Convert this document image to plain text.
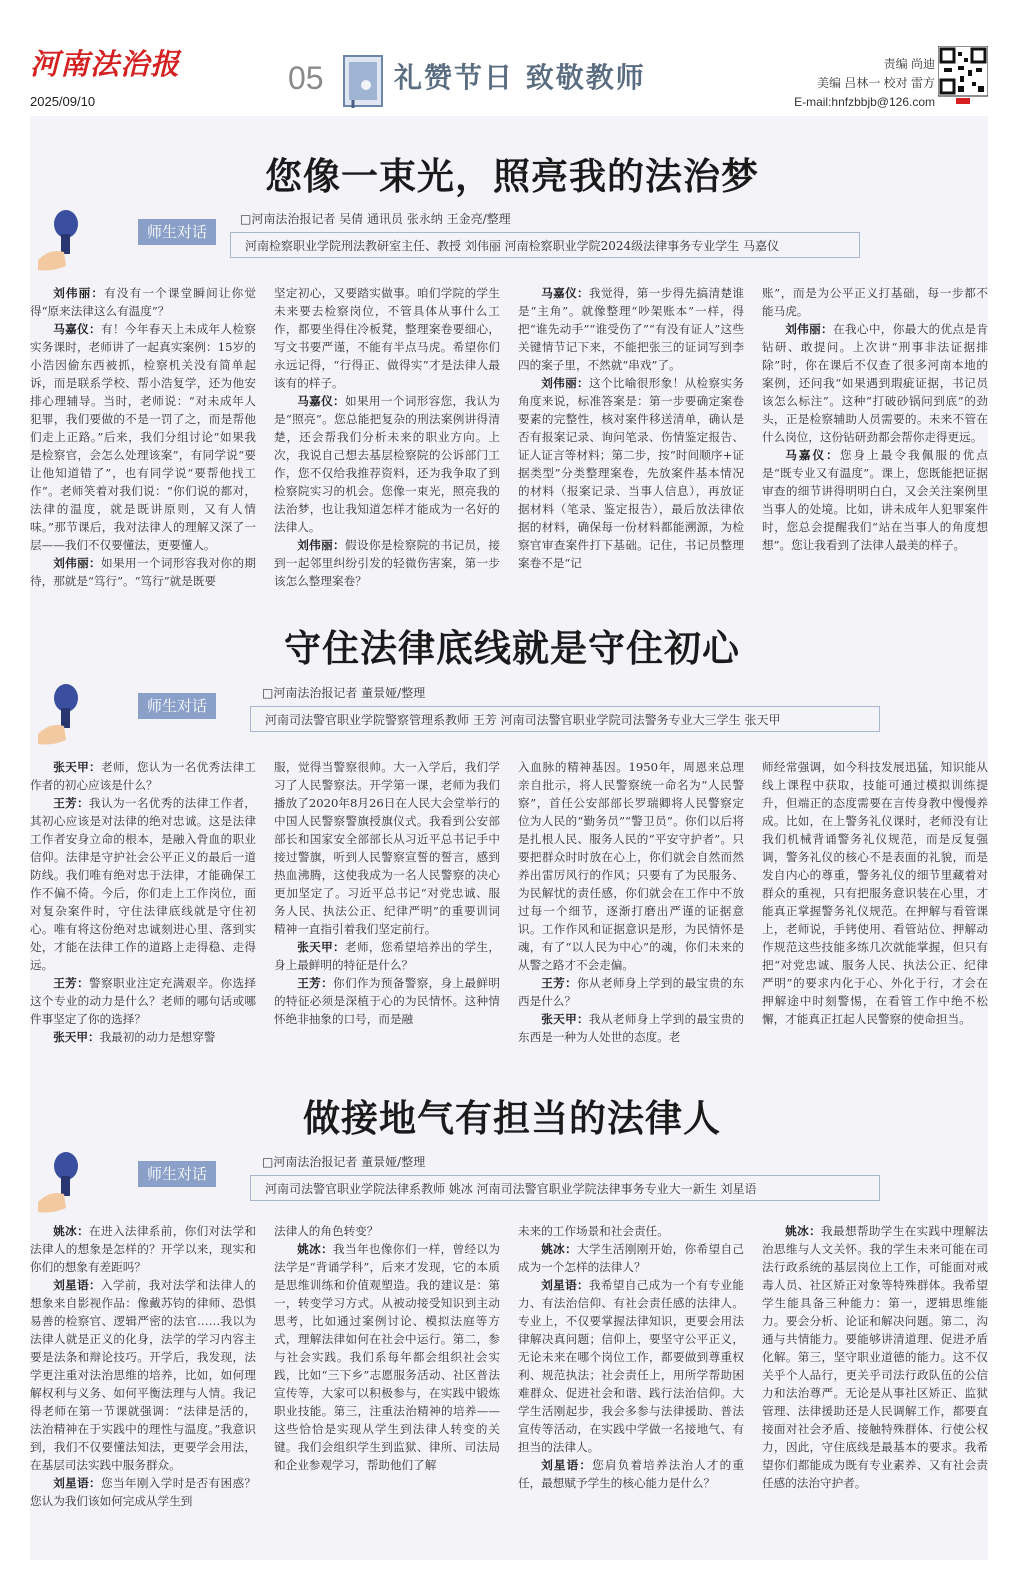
河南法治报
2025/09/10
05	礼赞节日 致敬教师	责编 尚迪
美编 吕林一 校对 雷方
E-mail:hnfzbbjb@126.com
您像一束光，照亮我的法治梦
师生对话
□河南法治报记者 吴倩 通讯员 张永纳 王金亮/整理
河南检察职业学院刑法教研室主任、教授 刘伟丽 河南检察职业学院2024级法律事务专业学生 马嘉仪

刘伟丽：有没有一个课堂瞬间让你觉得“原来法律这么有温度”？

马嘉仪：有！今年春天上未成年人检察实务课时，老师讲了一起真实案例：15岁的小浩因偷东西被抓，检察机关没有简单起诉，而是联系学校、帮小浩复学，还为他安排心理辅导。当时，老师说：“对未成年人犯罪，我们要做的不是一罚了之，而是帮他们走上正路。”后来，我们分组讨论“如果我是检察官，会怎么处理该案”，有同学说“要让他知道错了”，也有同学说“要帮他找工作”。老师笑着对我们说：“你们说的都对，法律的温度，就是既讲原则，又有人情味。”那节课后，我对法律人的理解又深了一层——我们不仅要懂法，更要懂人。

刘伟丽：如果用一个词形容我对你的期待，那就是“笃行”。“笃行”就是既要

坚定初心，又要踏实做事。咱们学院的学生未来要去检察岗位，不管具体从事什么工作，都要坐得住冷板凳，整理案卷要细心，写文书要严谨，不能有半点马虎。希望你们永远记得，“行得正、做得实”才是法律人最该有的样子。

马嘉仪：如果用一个词形容您，我认为是“照亮”。您总能把复杂的刑法案例讲得清楚，还会帮我们分析未来的职业方向。上次，我说自己想去基层检察院的公诉部门工作，您不仅给我推荐资料，还为我争取了到检察院实习的机会。您像一束光，照亮我的法治梦，也让我知道怎样才能成为一名好的法律人。

刘伟丽：假设你是检察院的书记员，接到一起邻里纠纷引发的轻微伤害案，第一步该怎么整理案卷？

马嘉仪：我觉得，第一步得先搞清楚谁是“主角”。就像整理“吵架账本”一样，得把“谁先动手”“谁受伤了”“有没有证人”这些关键情节记下来，不能把张三的证词写到李四的案子里，不然就“串戏”了。

刘伟丽：这个比喻很形象！从检察实务角度来说，标准答案是：第一步要确定案卷要素的完整性，核对案件移送清单，确认是否有报案记录、询问笔录、伤情鉴定报告、证人证言等材料；第二步，按“时间顺序+证据类型”分类整理案卷，先放案件基本情况的材料（报案记录、当事人信息），再放证据材料（笔录、鉴定报告），最后放法律依据的材料，确保每一份材料都能溯源，为检察官审查案件打下基础。记住，书记员整理案卷不是“记

账”，而是为公平正义打基础，每一步都不能马虎。

刘伟丽：在我心中，你最大的优点是肯钻研、敢提问。上次讲“刑事非法证据排除”时，你在课后不仅查了很多河南本地的案例，还问我“如果遇到瑕疵证据，书记员该怎么标注”。这种“打破砂锅问到底”的劲头，正是检察辅助人员需要的。未来不管在什么岗位，这份钻研劲都会帮你走得更远。

马嘉仪：您身上最令我佩服的优点是“既专业又有温度”。课上，您既能把证据审查的细节讲得明明白白，又会关注案例里当事人的处境。比如，讲未成年人犯罪案件时，您总会提醒我们“站在当事人的角度想想”。您让我看到了法律人最美的样子。

守住法律底线就是守住初心
师生对话
□河南法治报记者 董景娅/整理
河南司法警官职业学院警察管理系教师 王芳 河南司法警官职业学院司法警务专业大三学生 张天甲

张天甲：老师，您认为一名优秀法律工作者的初心应该是什么？

王芳：我认为一名优秀的法律工作者，其初心应该是对法律的绝对忠诚。这是法律工作者安身立命的根本，是融入骨血的职业信仰。法律是守护社会公平正义的最后一道防线。我们唯有绝对忠于法律，才能确保工作不偏不倚。今后，你们走上工作岗位，面对复杂案件时，守住法律底线就是守住初心。唯有将这份绝对忠诚刻进心里、落到实处，才能在法律工作的道路上走得稳、走得远。

王芳：警察职业注定充满艰辛。你选择这个专业的动力是什么？老师的哪句话或哪件事坚定了你的选择？

张天甲：我最初的动力是想穿警

服，觉得当警察很帅。大一入学后，我们学习了人民警察法。开学第一课，老师为我们播放了2020年8月26日在人民大会堂举行的中国人民警察警旗授旗仪式。我看到公安部部长和国家安全部部长从习近平总书记手中接过警旗，听到人民警察宣誓的誓言，感到热血沸腾，这使我成为一名人民警察的决心更加坚定了。习近平总书记“对党忠诚、服务人民、执法公正、纪律严明”的重要训词精神一直指引着我们坚定前行。

张天甲：老师，您希望培养出的学生，身上最鲜明的特征是什么？

王芳：你们作为预备警察，身上最鲜明的特征必须是深植于心的为民情怀。这种情怀绝非抽象的口号，而是融

入血脉的精神基因。1950年，周恩来总理亲自批示，将人民警察统一命名为“人民警察”，首任公安部部长罗瑞卿将人民警察定位为人民的“勤务员”“警卫员”。你们以后将是扎根人民、服务人民的“平安守护者”。只要把群众时时放在心上，你们就会自然而然养出雷厉风行的作风；只要有了为民服务、为民解忧的责任感，你们就会在工作中不放过每一个细节，逐渐打磨出严谨的证据意识。工作作风和证据意识是形，为民情怀是魂，有了“以人民为中心”的魂，你们未来的从警之路才不会走偏。

王芳：你从老师身上学到的最宝贵的东西是什么？

张天甲：我从老师身上学到的最宝贵的东西是一种为人处世的态度。老

师经常强调，如今科技发展迅猛，知识能从线上课程中获取，技能可通过模拟训练提升，但端正的态度需要在言传身教中慢慢养成。比如，在上警务礼仪课时，老师没有让我们机械背诵警务礼仪规范，而是反复强调，警务礼仪的核心不是表面的礼貌，而是发自内心的尊重，警务礼仪的细节里藏着对群众的重视，只有把服务意识装在心里，才能真正掌握警务礼仪规范。在押解与看管课上，老师说，手铐使用、看管站位、押解动作规范这些技能多练几次就能掌握，但只有把“对党忠诚、服务人民、执法公正、纪律严明”的要求内化于心、外化于行，才会在押解途中时刻警惕，在看管工作中绝不松懈，才能真正扛起人民警察的使命担当。

做接地气有担当的法律人
师生对话
□河南法治报记者 董景娅/整理
河南司法警官职业学院法律系教师 姚冰 河南司法警官职业学院法律事务专业大一新生 刘星语

姚冰：在进入法律系前，你们对法学和法律人的想象是怎样的？开学以来，现实和你们的想象有差距吗？

刘星语：入学前，我对法学和法律人的想象来自影视作品：像戴苏钧的律师、恐惧易善的检察官、逻辑严密的法官……我以为法律人就是正义的化身，法学的学习内容主要是法条和辩论技巧。开学后，我发现，法学更注重对法治思维的培养，比如，如何理解权利与义务、如何平衡法理与人情。我记得老师在第一节课就强调：“法律是活的，法治精神在于实践中的理性与温度。”我意识到，我们不仅要懂法知法，更要学会用法，在基层司法实践中服务群众。

刘星语：您当年刚入学时是否有困惑？您认为我们该如何完成从学生到

法律人的角色转变？

姚冰：我当年也像你们一样，曾经以为法学是“背诵学科”，后来才发现，它的本质是思维训练和价值观塑造。我的建议是：第一，转变学习方式。从被动接受知识到主动思考，比如通过案例讨论、模拟法庭等方式，理解法律如何在社会中运行。第二，参与社会实践。我们系每年都会组织社会实践，比如“三下乡”志愿服务活动、社区普法宣传等，大家可以积极参与，在实践中锻炼职业技能。第三，注重法治精神的培养——这些恰恰是实现从学生到法律人转变的关键。我们会组织学生到监狱、律所、司法局和企业参观学习，帮助他们了解

未来的工作场景和社会责任。

姚冰：大学生活刚刚开始，你希望自己成为一个怎样的法律人？

刘星语：我希望自己成为一个有专业能力、有法治信仰、有社会责任感的法律人。专业上，不仅要掌握法律知识，更要会用法律解决真问题；信仰上，要坚守公平正义，无论未来在哪个岗位工作，都要做到尊重权利、规范执法；社会责任上，用所学帮助困难群众、促进社会和谐、践行法治信仰。大学生活刚起步，我会多参与法律援助、普法宣传等活动，在实践中学做一名接地气、有担当的法律人。

刘星语：您肩负着培养法治人才的重任，最想赋予学生的核心能力是什么？

姚冰：我最想帮助学生在实践中理解法治思维与人文关怀。我的学生未来可能在司法行政系统的基层岗位上工作，可能面对戒毒人员、社区矫正对象等特殊群体。我希望学生能具备三种能力：第一，逻辑思维能力。要会分析、论证和解决问题。第二，沟通与共情能力。要能够讲清道理、促进矛盾化解。第三，坚守职业道德的能力。这不仅关乎个人品行，更关乎司法行政队伍的公信力和法治尊严。无论是从事社区矫正、监狱管理、法律援助还是人民调解工作，都要直接面对社会矛盾、接触特殊群体、行使公权力，因此，守住底线是最基本的要求。我希望你们都能成为既有专业素养、又有社会责任感的法治守护者。
